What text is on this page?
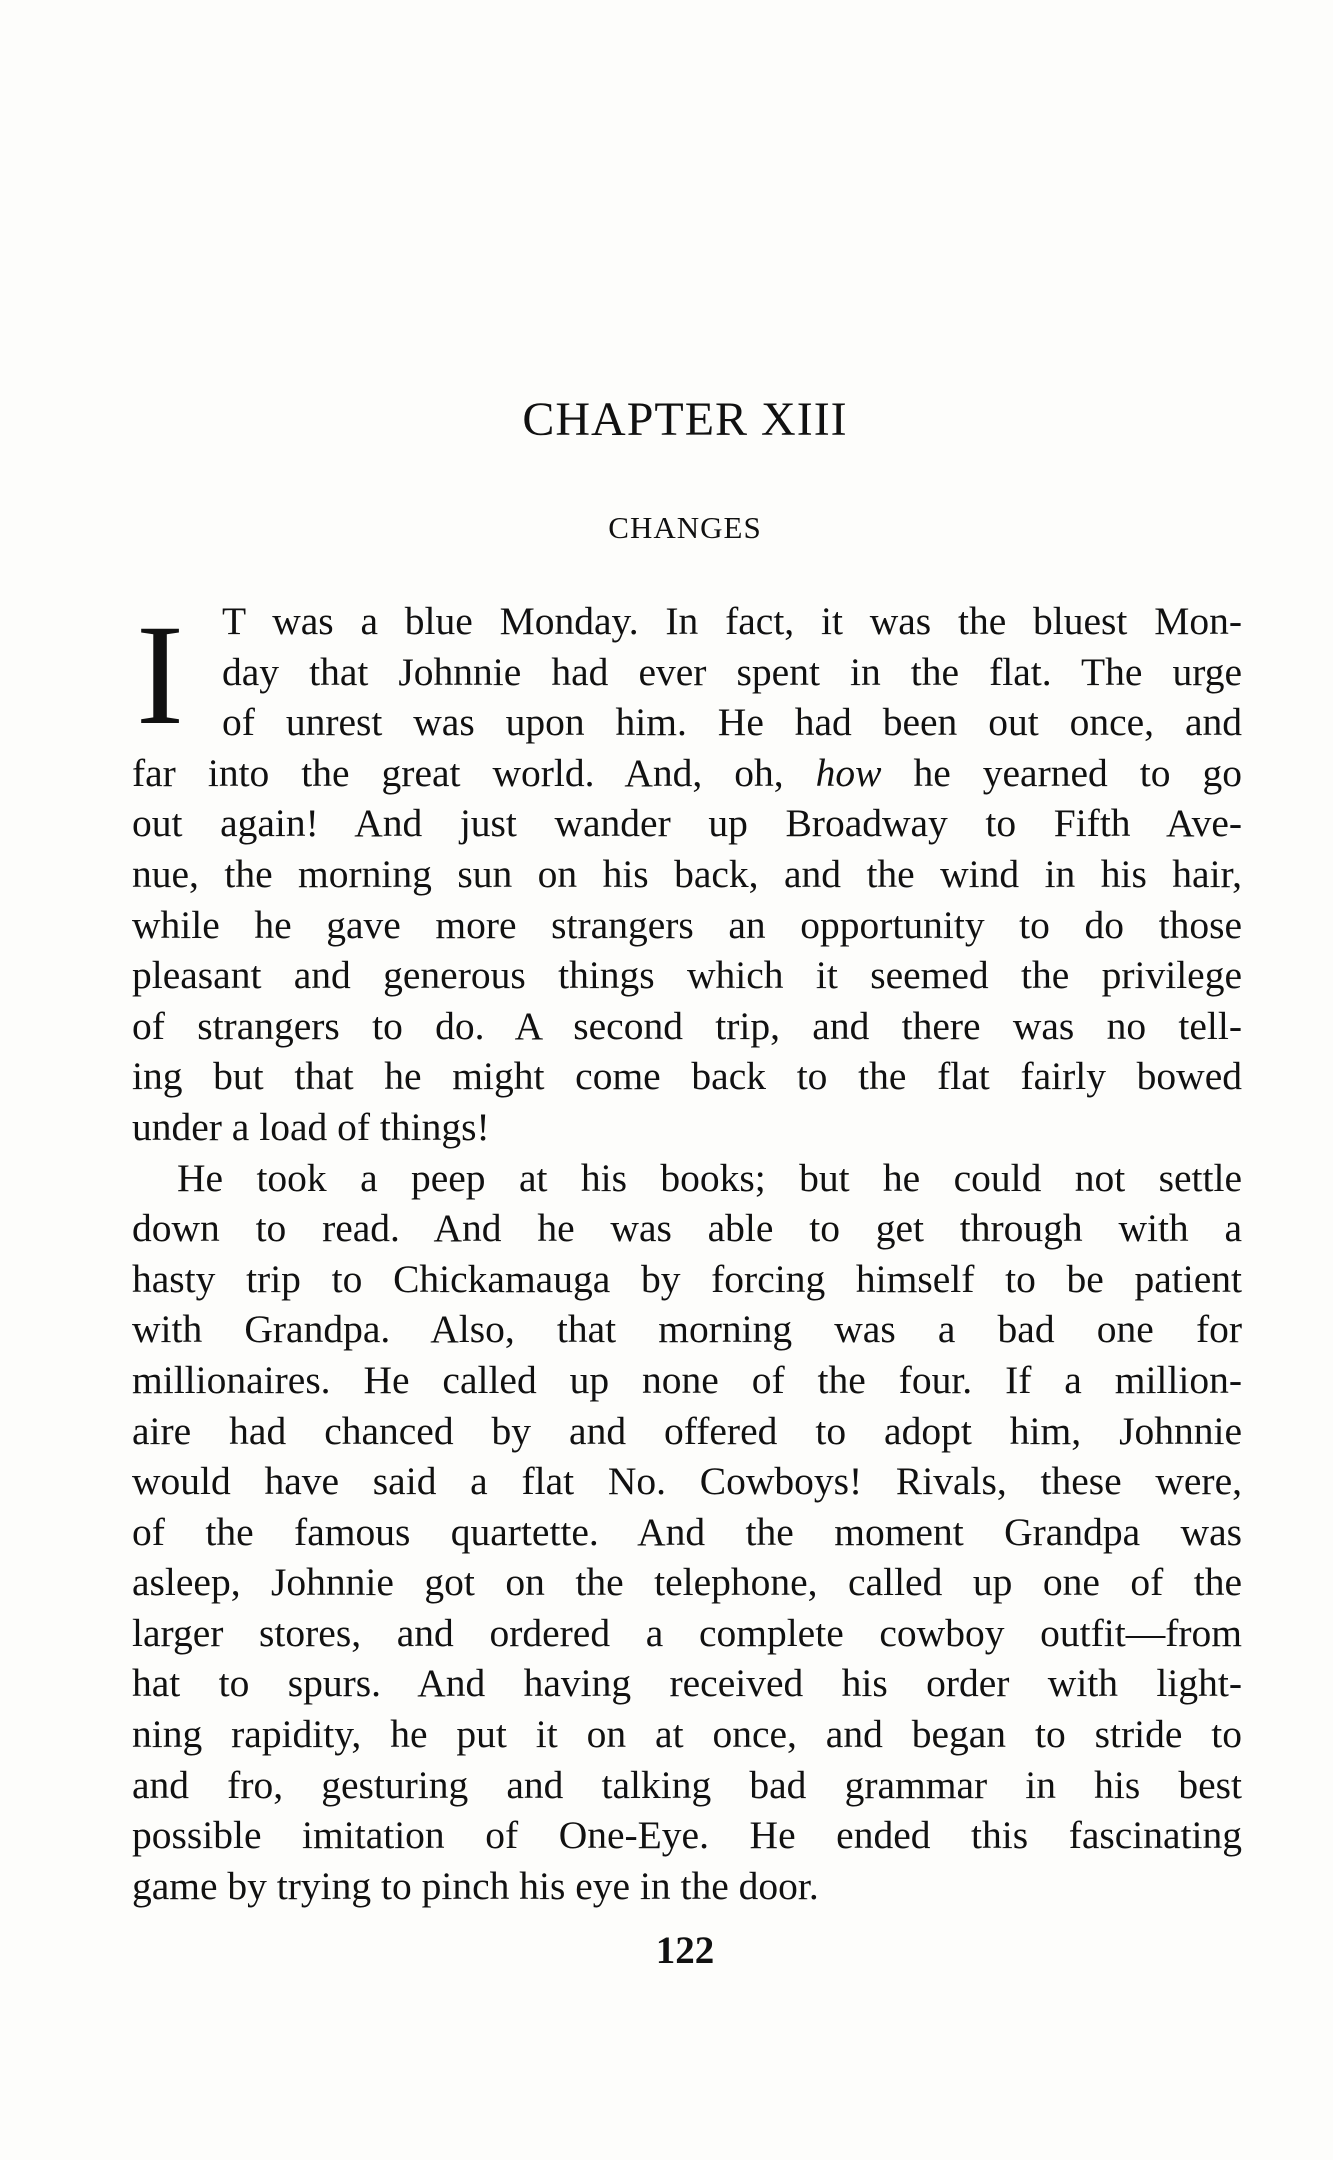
CHAPTER XIII
CHANGES
I T was a blue Monday. In fact, it was the bluest Mon-
day that Johnnie had ever spent in the flat. The urge
of unrest was upon him. He had been out once, and
far into the great world. And, oh, how he yearned to go
out again! And just wander up Broadway to Fifth Ave-
nue, the morning sun on his back, and the wind in his hair,
while he gave more strangers an opportunity to do those
pleasant and generous things which it seemed the privilege
of strangers to do. A second trip, and there was no tell-
ing but that he might come back to the flat fairly bowed
under a load of things!
He took a peep at his books; but he could not settle
down to read. And he was able to get through with a
hasty trip to Chickamauga by forcing himself to be patient
with Grandpa. Also, that morning was a bad one for
millionaires. He called up none of the four. If a million-
aire had chanced by and offered to adopt him, Johnnie
would have said a flat No. Cowboys! Rivals, these were,
of the famous quartette. And the moment Grandpa was
asleep, Johnnie got on the telephone, called up one of the
larger stores, and ordered a complete cowboy outfit—from
hat to spurs. And having received his order with light-
ning rapidity, he put it on at once, and began to stride to
and fro, gesturing and talking bad grammar in his best
possible imitation of One-Eye. He ended this fascinating
game by trying to pinch his eye in the door.
122
